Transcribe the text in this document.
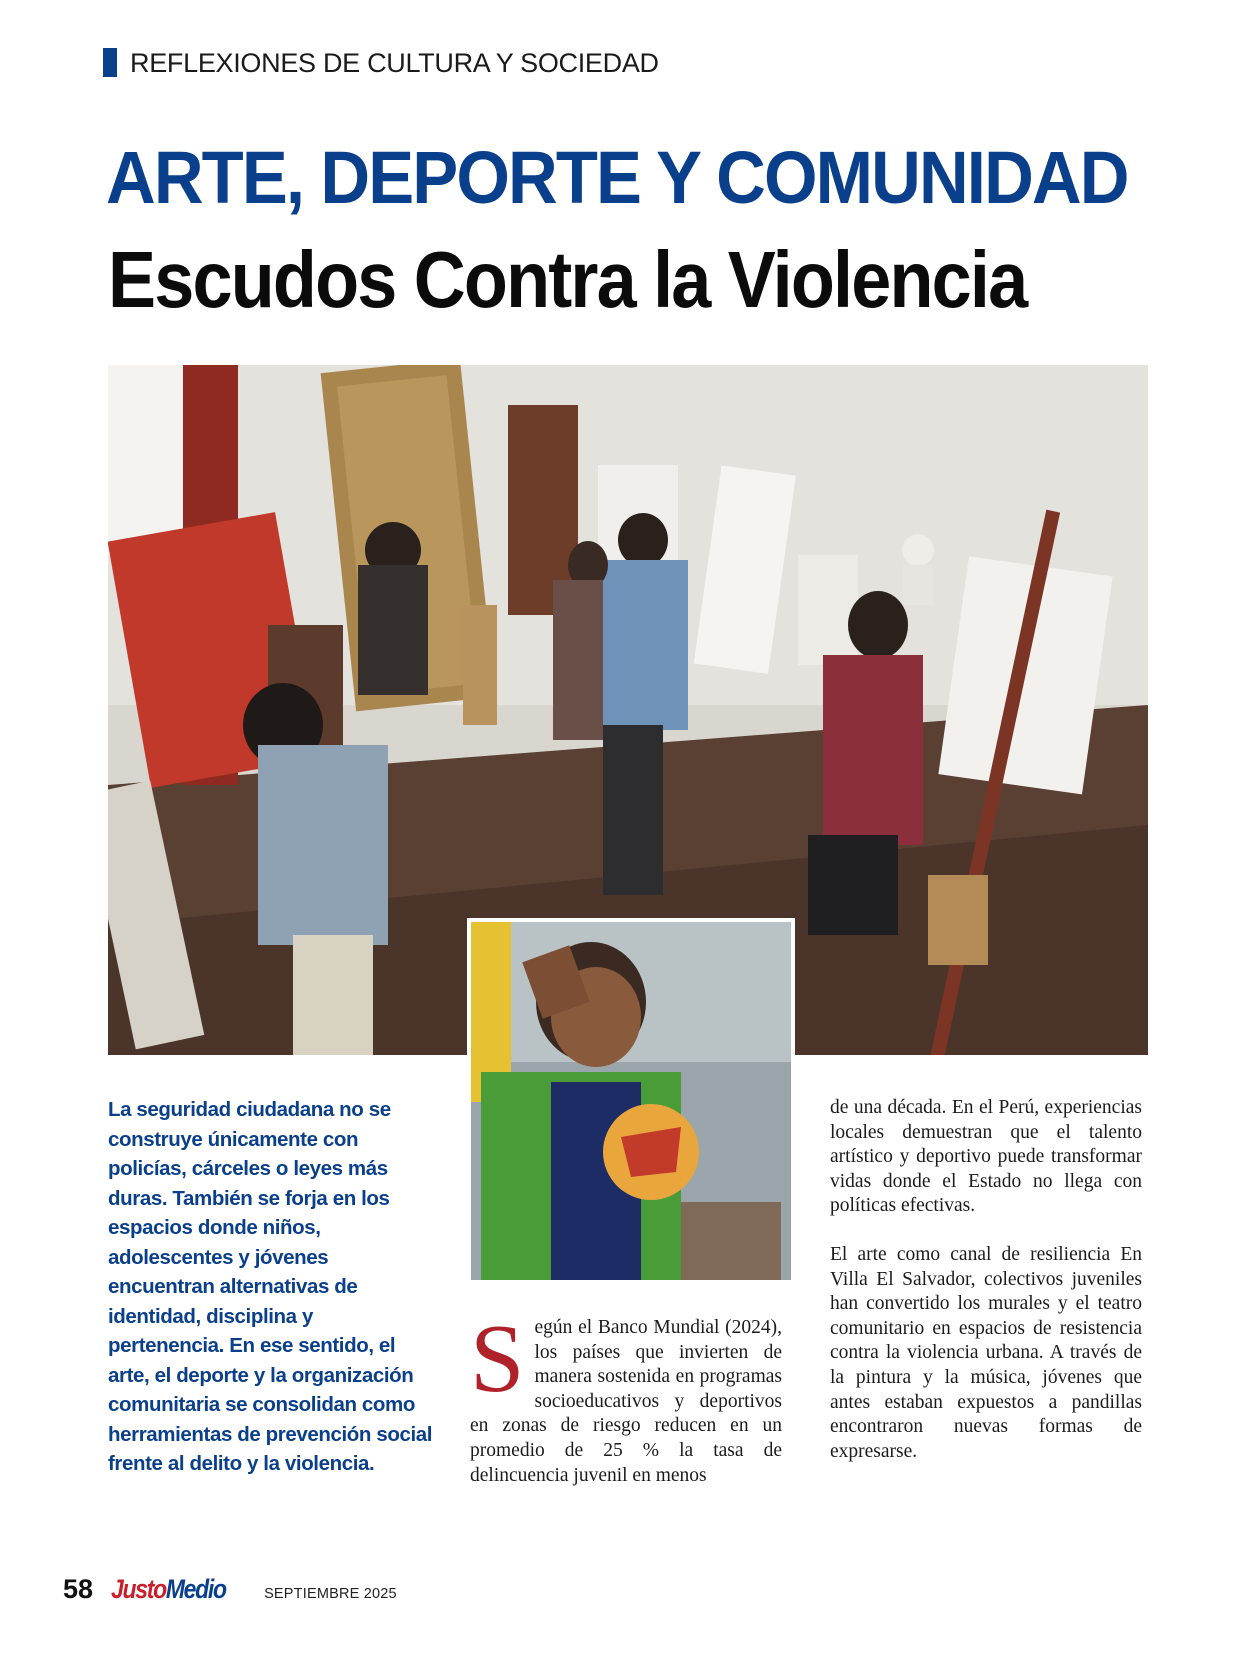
REFLEXIONES DE CULTURA Y SOCIEDAD
ARTE, DEPORTE Y COMUNIDAD
Escudos Contra la Violencia
La seguridad ciudadana no se construye únicamente con policías, cárceles o leyes más duras. También se forja en los espacios donde niños, adolescentes y jóvenes encuentran alternativas de identidad, disciplina y pertenencia. En ese sentido, el arte, el deporte y la organización comunitaria se consolidan como herramientas de prevención social frente al delito y la violencia.
Según el Banco Mundial (2024), los países que invierten de manera sostenida en programas socioeducativos y deportivos en zonas de riesgo reducen en un promedio de 25 % la tasa de delincuencia juvenil en menos

de una década. En el Perú, experiencias locales demuestran que el talento artístico y deportivo puede transformar vidas donde el Estado no llega con políticas efectivas.

El arte como canal de resiliencia En Villa El Salvador, colectivos juveniles han convertido los murales y el teatro comunitario en espacios de resistencia contra la violencia urbana. A través de la pintura y la música, jóvenes que antes estaban expuestos a pandillas encontraron nuevas formas de expresarse.

58 JustoMedio	SEPTIEMBRE 2025
